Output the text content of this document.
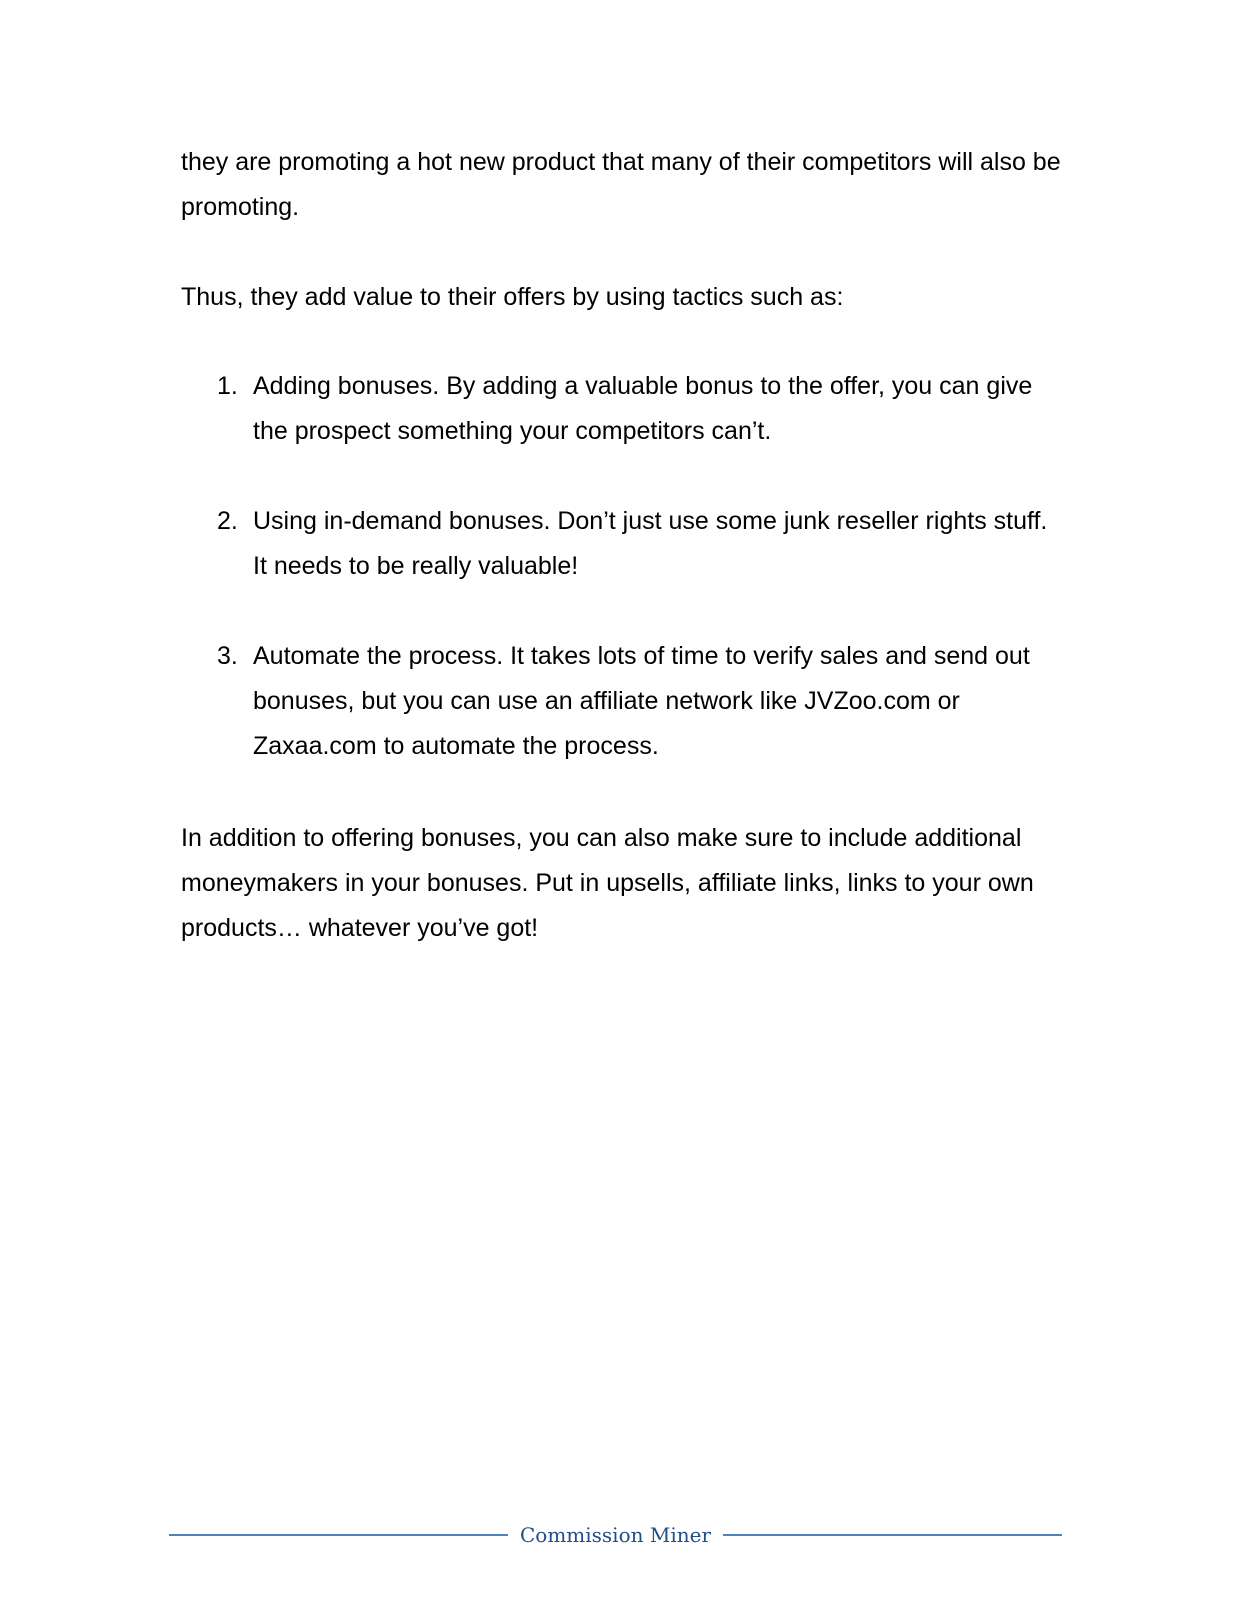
they are promoting a hot new product that many of their competitors will also be promoting.

Thus, they add value to their offers by using tactics such as:

1. Adding bonuses. By adding a valuable bonus to the offer, you can give the prospect something your competitors can’t.
2. Using in-demand bonuses. Don’t just use some junk reseller rights stuff. It needs to be really valuable!
3. Automate the process. It takes lots of time to verify sales and send out bonuses, but you can use an affiliate network like JVZoo.com or Zaxaa.com to automate the process.

In addition to offering bonuses, you can also make sure to include additional moneymakers in your bonuses. Put in upsells, affiliate links, links to your own products… whatever you’ve got!

Commission Miner
